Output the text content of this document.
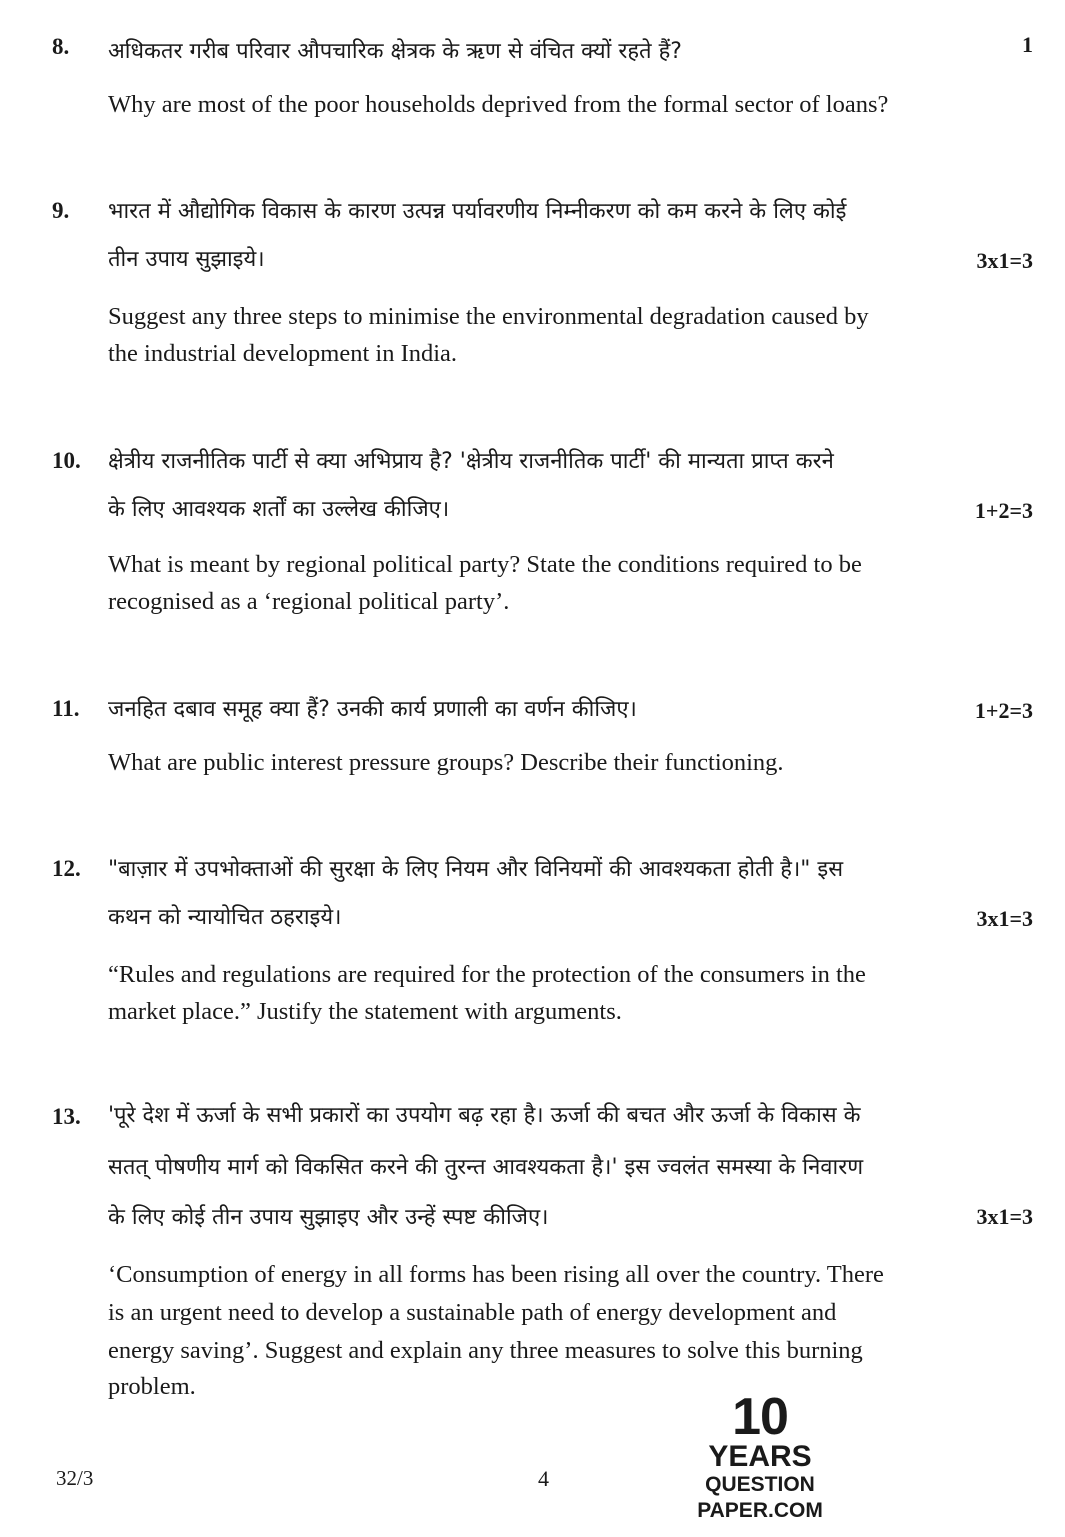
8. अधिकतर गरीब परिवार औपचारिक क्षेत्रक के ऋण से वंचित क्यों रहते हैं?	1
Why are most of the poor households deprived from the formal sector of loans?
9. भारत में औद्योगिक विकास के कारण उत्पन्न पर्यावरणीय निम्नीकरण को कम करने के लिए कोई
तीन उपाय सुझाइये।	3x1=3
Suggest any three steps to minimise the environmental degradation caused by
the industrial development in India.
10. क्षेत्रीय राजनीतिक पार्टी से क्या अभिप्राय है? 'क्षेत्रीय राजनीतिक पार्टी' की मान्यता प्राप्त करने
के लिए आवश्यक शर्तों का उल्लेख कीजिए।	1+2=3
What is meant by regional political party? State the conditions required to be
recognised as a ‘regional political party’.
11. जनहित दबाव समूह क्या हैं? उनकी कार्य प्रणाली का वर्णन कीजिए।	1+2=3
What are public interest pressure groups? Describe their functioning.
12. "बाज़ार में उपभोक्ताओं की सुरक्षा के लिए नियम और विनियमों की आवश्यकता होती है।" इस
कथन को न्यायोचित ठहराइये।	3x1=3
“Rules and regulations are required for the protection of the consumers in the
market place.” Justify the statement with arguments.
13. 'पूरे देश में ऊर्जा के सभी प्रकारों का उपयोग बढ़ रहा है। ऊर्जा की बचत और ऊर्जा के विकास के
सतत् पोषणीय मार्ग को विकसित करने की तुरन्त आवश्यकता है।' इस ज्वलंत समस्या के निवारण
के लिए कोई तीन उपाय सुझाइए और उन्हें स्पष्ट कीजिए।	3x1=3
‘Consumption of energy in all forms has been rising all over the country. There
is an urgent need to develop a sustainable path of energy development and
energy saving’. Suggest and explain any three measures to solve this burning
problem.
32/3	4
10
YEARS
QUESTION PAPER.COM
